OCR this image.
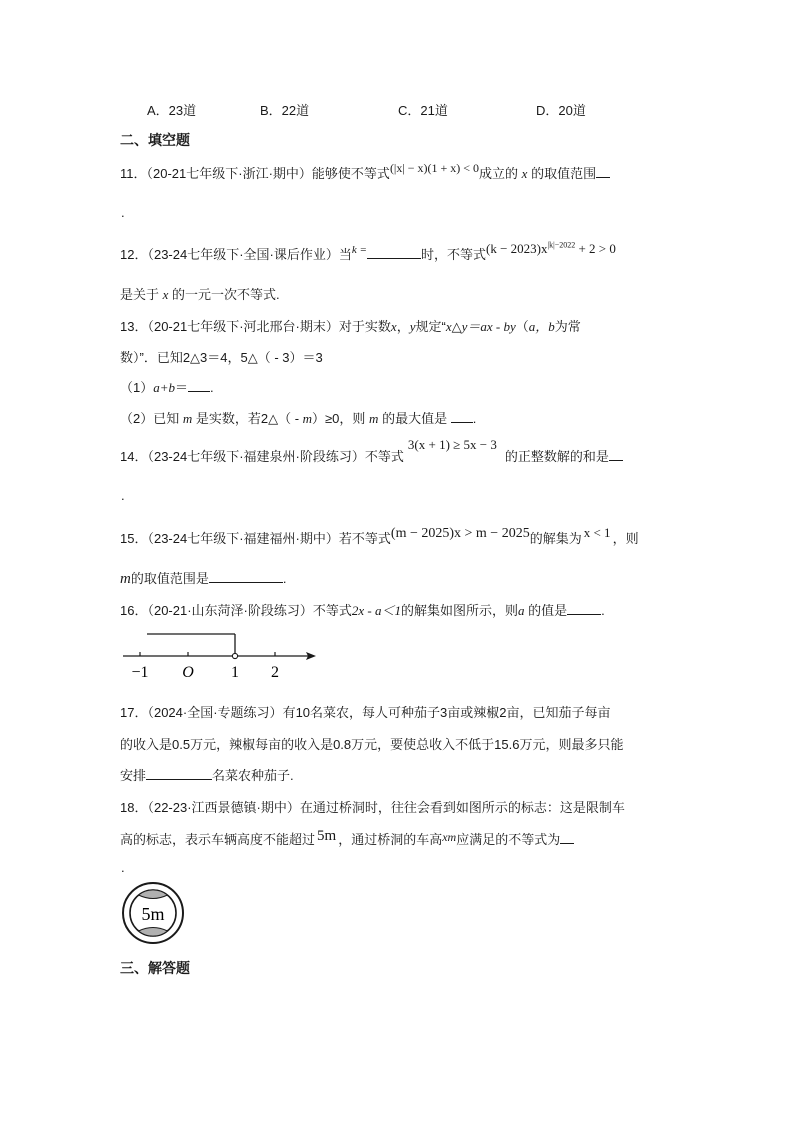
A．23道	B．22道	C．21道	D．20道
二、填空题
11．（20-21七年级下·浙江·期中）能够使不等式(|x| − x)(1 + x) < 0成立的 x 的取值范围
.
12．（23-24七年级下·全国·课后作业）当$^{k =}$	时，不等式$(k - 2023)x^{|k|-2022} + 2 > 0$
是关于 x 的一元一次不等式.
13．（20-21七年级下·河北邢台·期末）对于实数x，y规定“x△y＝ax - by（a，b为常
数）”．已知2△3＝4，5△（ - 3）＝3
（1）a+b＝ .
（2）已知 m 是实数，若2△（ - m）≥0，则 m 的最大值是 .
14．（23-24七年级下·福建泉州·阶段练习）不等式3(x + 1) ≥ 5x − 3的正整数解的和是
.
15．（23-24七年级下·福建福州·期中）若不等式(m − 2025)x > m − 2025的解集为 x < 1 ，则
m的取值范围是	.
16．（20-21·山东菏泽·阶段练习）不等式2x - a＜1的解集如图所示，则a 的值是	.
−1 O 1 2
17．（2024·全国·专题练习）有10名菜农，每人可种茄子3亩或辣椒2亩，已知茄子每亩
的收入是0.5万元，辣椒每亩的收入是0.8万元，要使总收入不低于15.6万元，则最多只能
安排	名菜农种茄子.
18．（22-23·江西景德镇·期中）在通过桥洞时，往往会看到如图所示的标志：这是限制车
高的标志，表示车辆高度不能超过 5m ，通过桥洞的车高xm应满足的不等式为
.
5m
三、解答题
